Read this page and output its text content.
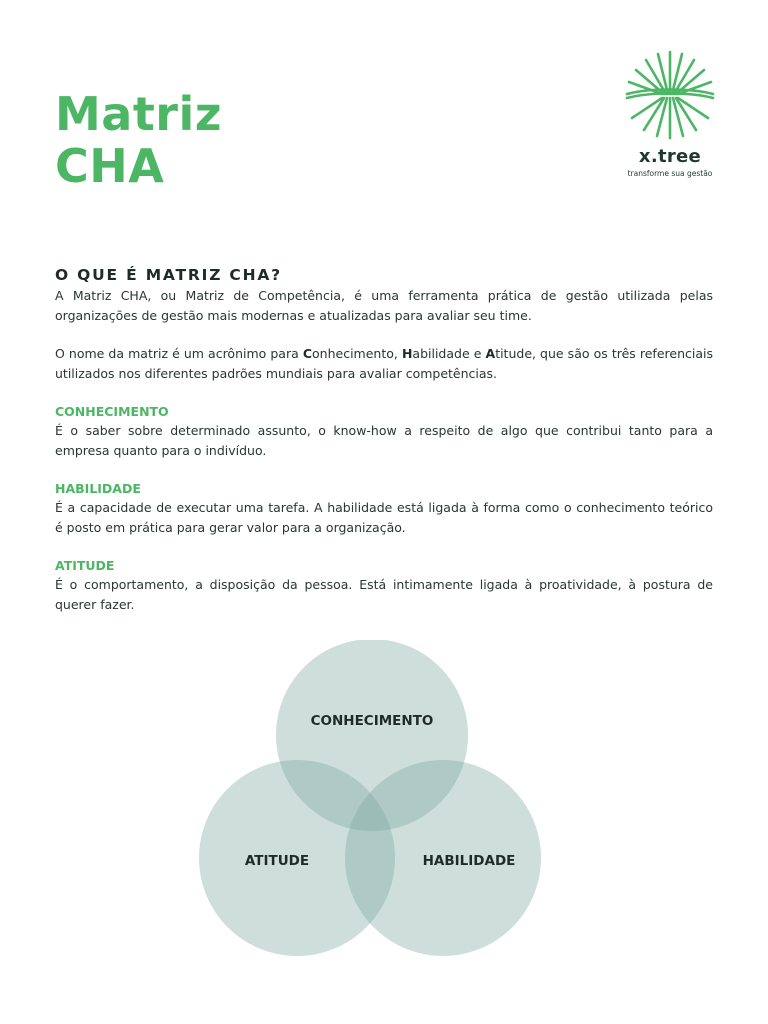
Matriz
CHA	x.tree
transforme sua gestão
O QUE É MATRIZ CHA?

A Matriz CHA, ou Matriz de Competência, é uma ferramenta prática de gestão utilizada pelas organizações de gestão mais modernas e atualizadas para avaliar seu time.

O nome da matriz é um acrônimo para Conhecimento, Habilidade e Atitude, que são os três referenciais utilizados nos diferentes padrões mundiais para avaliar competências.

CONHECIMENTO

É o saber sobre determinado assunto, o know-how a respeito de algo que contribui tanto para a empresa quanto para o indivíduo.

HABILIDADE

É a capacidade de executar uma tarefa. A habilidade está ligada à forma como o conhecimento teórico é posto em prática para gerar valor para a organização.

ATITUDE

É o comportamento, a disposição da pessoa. Está intimamente ligada à proatividade, à postura de querer fazer.

CONHECIMENTO
ATITUDE	HABILIDADE
